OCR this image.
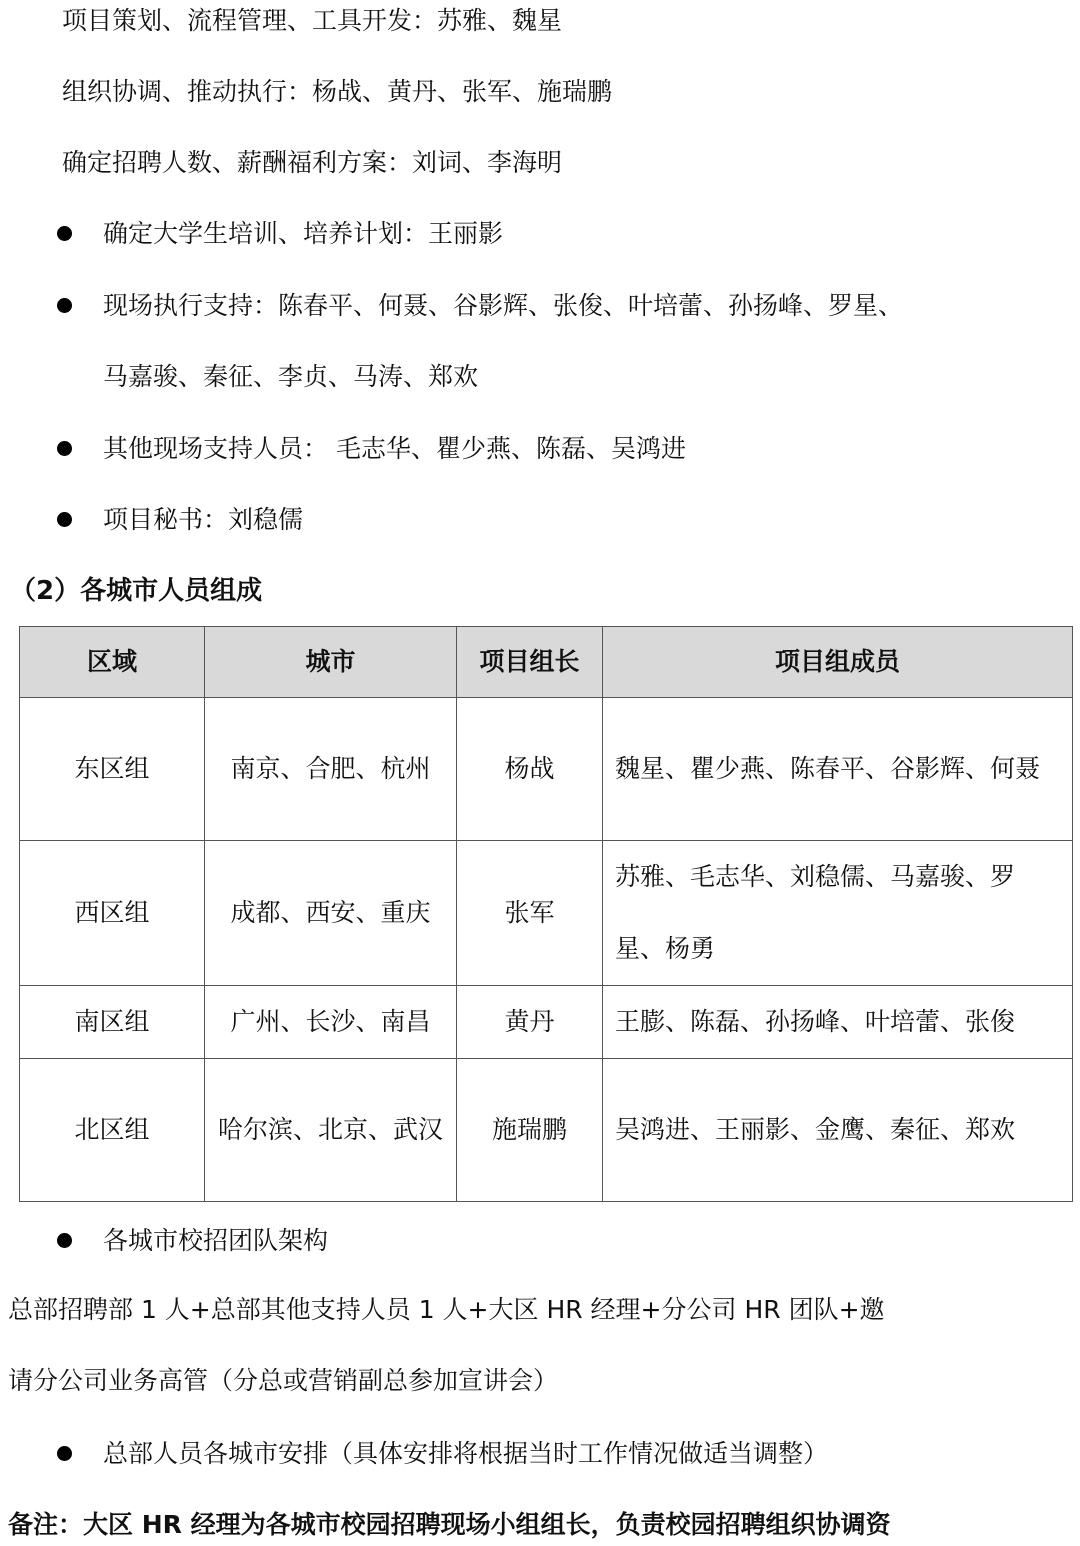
项目策划、流程管理、工具开发：苏雅、魏星
组织协调、推动执行：杨战、黄丹、张军、施瑞鹏
确定招聘人数、薪酬福利方案：刘词、李海明
确定大学生培训、培养计划：王丽影
现场执行支持：陈春平、何聂、谷影辉、张俊、叶培蕾、孙扬峰、罗星、
马嘉骏、秦征、李贞、马涛、郑欢
其他现场支持人员： 毛志华、瞿少燕、陈磊、吴鸿进
项目秘书：刘稳儒
（2）各城市人员组成
区域	城市	项目组长	项目组成员
东区组	南京、合肥、杭州	杨战	魏星、瞿少燕、陈春平、谷影辉、何聂
西区组	成都、西安、重庆	张军	苏雅、毛志华、刘稳儒、马嘉骏、罗星、杨勇
南区组	广州、长沙、南昌	黄丹	王膨、陈磊、孙扬峰、叶培蕾、张俊
北区组	哈尔滨、北京、武汉	施瑞鹏	吴鸿进、王丽影、金鹰、秦征、郑欢
各城市校招团队架构
总部招聘部 1 人+总部其他支持人员 1 人+大区 HR 经理+分公司 HR 团队+邀
请分公司业务高管（分总或营销副总参加宣讲会）
总部人员各城市安排（具体安排将根据当时工作情况做适当调整）
备注：大区 HR 经理为各城市校园招聘现场小组组长，负责校园招聘组织协调资
